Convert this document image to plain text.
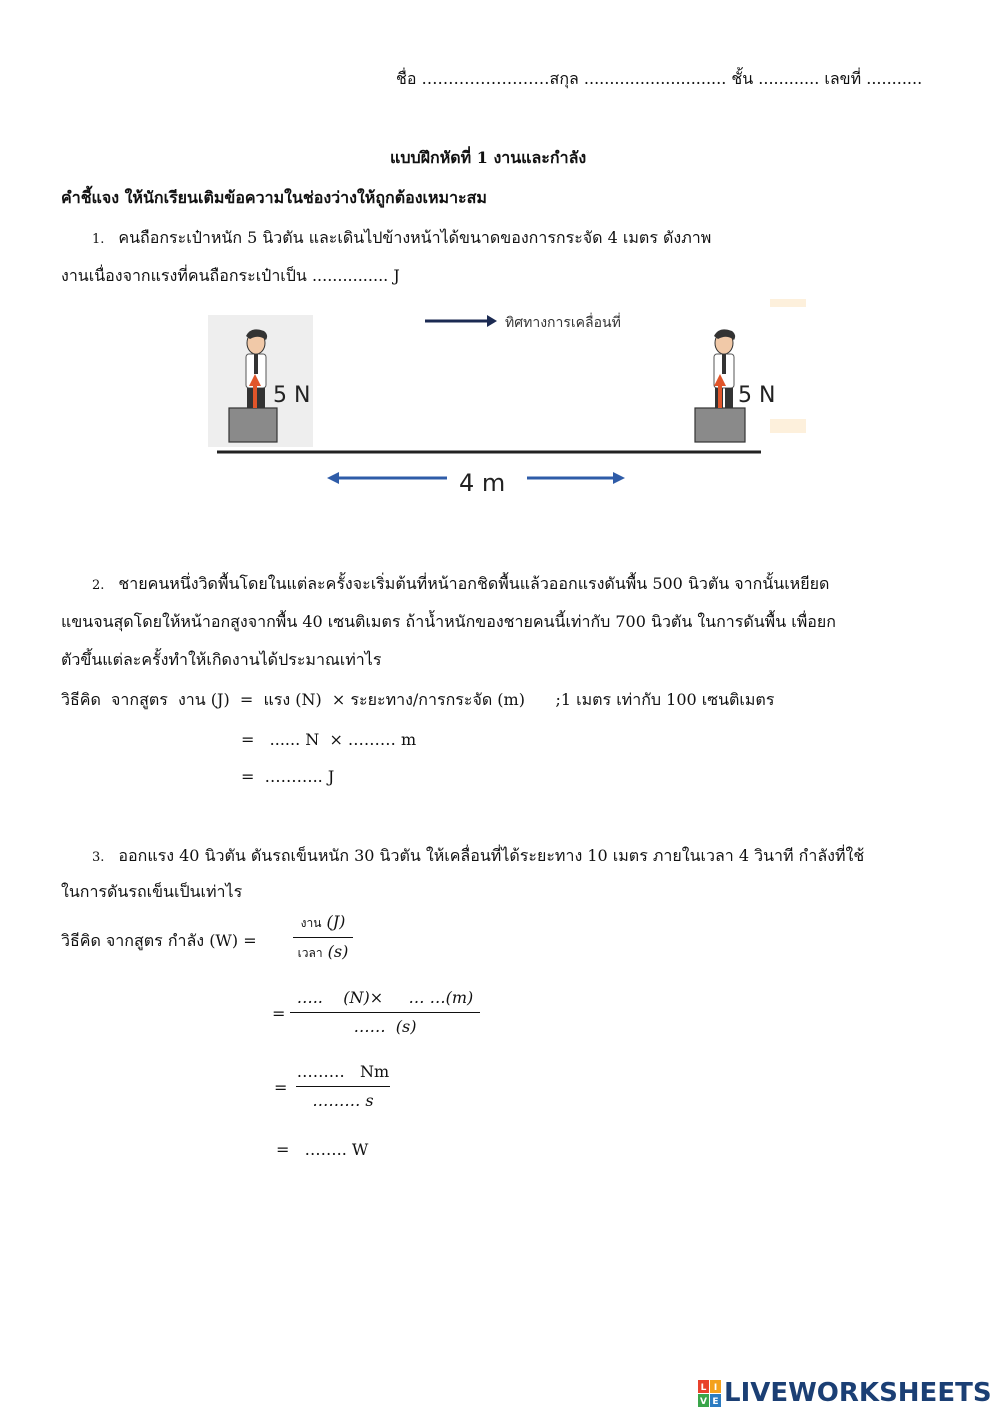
ชื่อ ……………………สกุล ............................ ชั้น ............ เลขที่ ...........
แบบฝึกหัดที่ 1 งานและกำลัง
คำชี้แจง ให้นักเรียนเติมข้อความในช่องว่างให้ถูกต้องเหมาะสม
1. คนถือกระเป๋าหนัก 5 นิวตัน และเดินไปข้างหน้าได้ขนาดของการกระจัด 4 เมตร ดังภาพ
งานเนื่องจากแรงที่คนถือกระเป๋าเป็น ............... J
ทิศทางการเคลื่อนที่
5 N	5 N
4 m
2. ชายคนหนึ่งวิดพื้นโดยในแต่ละครั้งจะเริ่มต้นที่หน้าอกชิดพื้นแล้วออกแรงดันพื้น 500 นิวตัน จากนั้นเหยียด
แขนจนสุดโดยให้หน้าอกสูงจากพื้น 40 เซนติเมตร ถ้าน้ำหนักของชายคนนี้เท่ากับ 700 นิวตัน ในการดันพื้น เพื่อยก
ตัวขึ้นแต่ละครั้งทำให้เกิดงานได้ประมาณเท่าไร
วิธีคิด  จากสูตร  งาน (J)  =  แรง (N)  × ระยะทาง/การกระจัด (m)      ;1 เมตร เท่ากับ 100 เซนติเมตร
=   ...... N  × ……… m
=  ……….. J
3. ออกแรง 40 นิวตัน ดันรถเข็นหนัก 30 นิวตัน ให้เคลื่อนที่ได้ระยะทาง 10 เมตร ภายในเวลา 4 วินาที กำลังที่ใช้
ในการดันรถเข็นเป็นเท่าไร
วิธีคิด จากสูตร กำลัง (W) =
งาน (J)
เวลา (s)
=
…..    (N)×     … …(m)
……  (s)
=
……… Nm
……… s
=   …….. W
L I
V E LIVEWORKSHEETS
